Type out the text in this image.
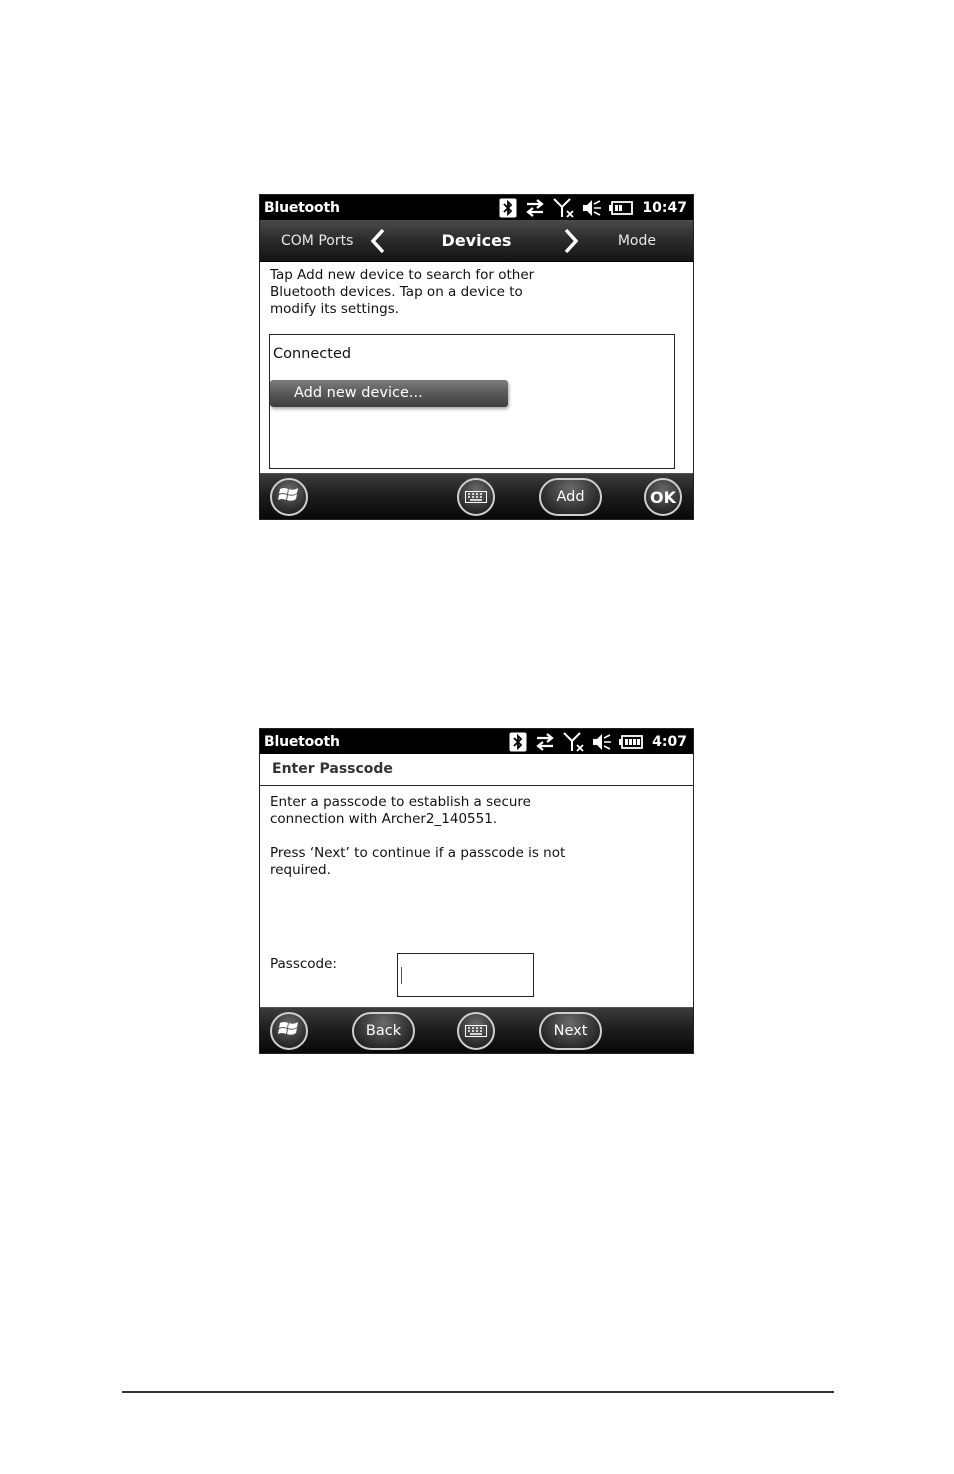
Bluetooth	10:47
COM Ports	Devices	Mode
Tap Add new device to search for other Bluetooth devices. Tap on a device to modify its settings.
Connected
Add new device...
Add	OK
Bluetooth	4:07
Enter Passcode
Enter a passcode to establish a secure connection with Archer2_140551.
Press ‘Next’ to continue if a passcode is not required.
Passcode:
Back	Next
